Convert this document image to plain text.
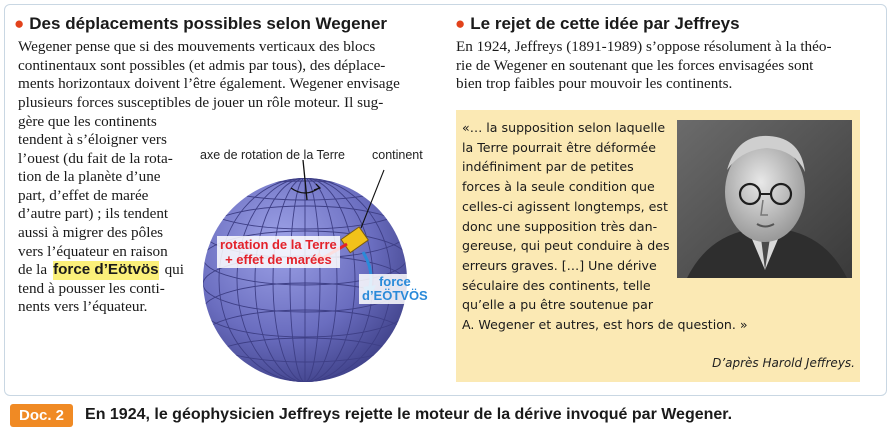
● Des déplacements possibles selon Wegener
Wegener pense que si des mouvements verticaux des blocs
continentaux sont possibles (et admis par tous), des déplace-
ments horizontaux doivent l’être également. Wegener envisage
plusieurs forces susceptibles de jouer un rôle moteur. Il sug-
gère que les continents
tendent à s’éloigner vers
l’ouest (du fait de la rota-
tion de la planète d’une
part, d’effet de marée
d’autre part) ; ils tendent
aussi à migrer des pôles
vers l’équateur en raison
de la force d’Eötvös qui
tend à pousser les conti-
nents vers l’équateur.
axe de rotation de la Terre continent
rotation de la Terre
+ effet de marées
force
d’EÖTVÖS
● Le rejet de cette idée par Jeffreys
En 1924, Jeffreys (1891-1989) s’oppose résolument à la théo-
rie de Wegener en soutenant que les forces envisagées sont
bien trop faibles pour mouvoir les continents.
«… la supposition selon laquelle
la Terre pourrait être déformée
indéfiniment par de petites
forces à la seule condition que
celles-ci agissent longtemps, est
donc une supposition très dan-
gereuse, qui peut conduire à des
erreurs graves. […] Une dérive
séculaire des continents, telle
qu’elle a pu être soutenue par
A. Wegener et autres, est hors de question. »
D’après Harold Jeffreys.
Doc. 2	En 1924, le géophysicien Jeffreys rejette le moteur de la dérive invoqué par Wegener.
